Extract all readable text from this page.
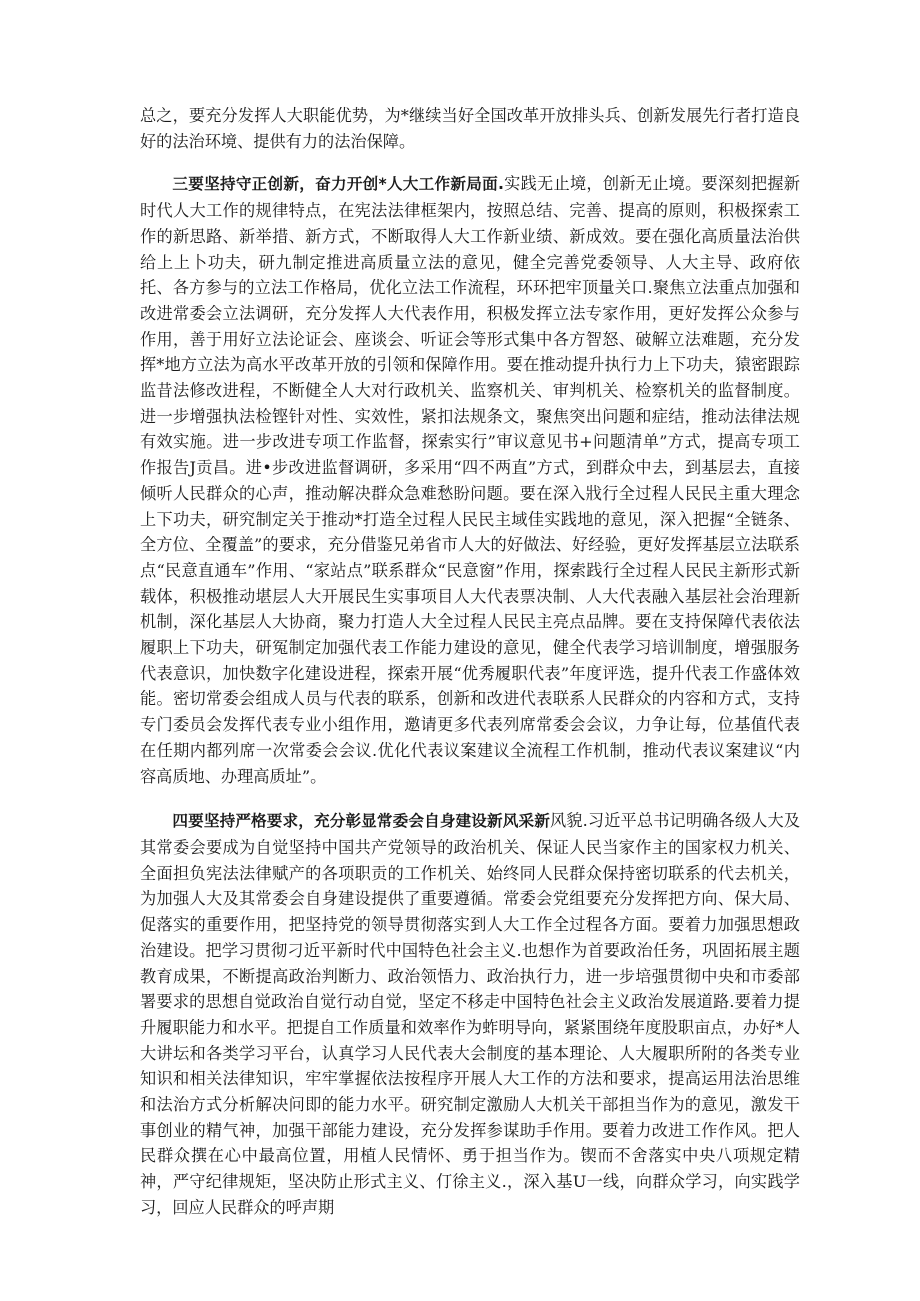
总之，要充分发挥人大职能优势，为*继续当好全国改革开放排头兵、创新发展先行者打造良好的法治环境、提供有力的法治保障。

三要坚持守正创新，奋力开创*人大工作新局面.实践无止境，创新无止境。要深刻把握新时代人大工作的规律特点，在宪法法律框架内，按照总结、完善、提高的原则，积极探索工作的新思路、新举措、新方式，不断取得人大工作新业绩、新成效。要在强化高质量法治供给上上卜功夫，研九制定推进高质量立法的意见，健全完善党委领导、人大主导、政府依托、各方参与的立法工作格局，优化立法工作流程，环环把牢顶量关口.聚焦立法重点加强和改进常委会立法调研，充分发挥人大代表作用，积极发挥立法专家作用，更好发挥公众参与作用，善于用好立法论证会、座谈会、听证会等形式集中各方智怒、破解立法难题，充分发挥*地方立法为高水平改革开放的引领和保障作用。要在推动提升执行力上下功夫，猿密跟踪监昔法修改进程，不断健全人大对行政机关、监察机关、审判机关、检察机关的监督制度。进一步增强执法检铿针对性、实效性，紧扣法规条文，聚焦突出问题和症结，推动法律法规有效实施。进一步改进专项工作监督，探索实行”审议意见书+问题清单”方式，提高专项工作报告J贡昌。进•步改进监督调研，多采用“四不两直”方式，到群众中去，到基层去，直接倾听人民群众的心声，推动解决群众急难愁盼问题。要在深入戕行全过程人民民主重大理念上下功夫，研究制定关于推动*打造全过程人民民主域佳实践地的意见，深入把握“全链条、全方位、全覆盖”的要求，充分借鉴兄弟省市人大的好做法、好经验，更好发挥基层立法联系点“民意直通车”作用、“家站点”联系群众“民意窗”作用，探索践行全过程人民民主新形式新载体，积极推动堪层人大开展民生实事项目人大代表票决制、人大代表融入基层社会治理新机制，深化基层人大协商，聚力打造人大全过程人民民主亮点品牌。要在支持保障代表依法履职上下功夫，研冤制定加强代表工作能力建设的意见，健全代表学习培训制度，增强服务代表意识，加快数字化建设进程，探索开展“优秀履职代表”年度评选，提升代表工作盛体效能。密切常委会组成人员与代表的联系，创新和改进代表联系人民群众的内容和方式，支持专门委员会发挥代表专业小组作用，邀请更多代表列席常委会会议，力争让每，位基值代表在任期内都列席一次常委会会议.优化代表议案建议全流程工作机制，推动代表议案建议“内容高质地、办理高质址”。

四要坚持严格要求，充分彰显常委会自身建设新风采新风貌.习近平总书记明确各级人大及其常委会要成为自觉坚持中国共产党领导的政治机关、保证人民当家作主的国家权力机关、全面担负宪法法律赋产的各项职贡的工作机关、始终同人民群众保持密切联系的代去机关，为加强人大及其常委会自身建设提供了重要遵循。常委会党组要充分发挥把方向、保大局、促落实的重要作用，把坚持党的领导贯彻落实到人大工作全过程各方面。要着力加强思想政治建设。把学习贯彻刁近平新时代中国特色社会主义.也想作为首要政治任务，巩固拓展主题教育成果，不断提高政治判断力、政治领悟力、政治执行力，进一步培强贯彻中央和市委部署要求的思想自觉政治自觉行动自觉，坚定不移走中国特色社会主义政治发展道路.要着力提升履职能力和水平。把提自工作质量和效率作为蚱明导向，紧紧围绕年度股职亩点，办好*人大讲坛和各类学习平台，认真学习人民代表大会制度的基本理论、人大履职所附的各类专业知识和相关法律知识，牢牢掌握依法按程序开展人大工作的方法和要求，提高运用法治思维和法治方式分析解决问即的能力水平。研究制定激励人大机关干部担当作为的意见，激发干事创业的精气神，加强干部能力建设，充分发挥参谋助手作用。要着力改进工作作风。把人民群众撰在心中最高位置，用植人民情怀、勇于担当作为。锲而不舍落实中央八项规定精神，严守纪律规矩，坚决防止形式主义、仃徐主义.，深入基U一线，向群众学习，向实践学习，回应人民群众的呼声期
